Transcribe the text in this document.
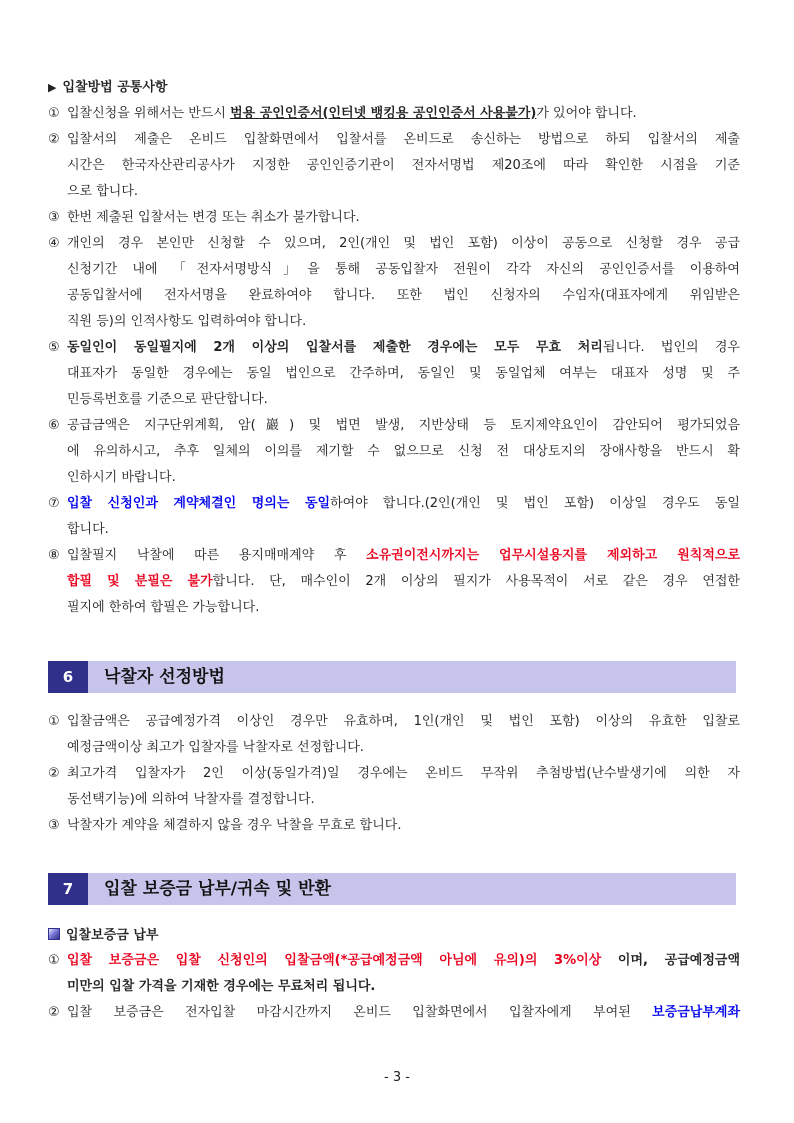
▶ 입찰방법 공통사항
① 입찰신청을 위해서는 반드시 범용 공인인증서(인터넷 뱅킹용 공인인증서 사용불가)가 있어야 합니다.
② 입찰서의 제출은 온비드 입찰화면에서 입찰서를 온비드로 송신하는 방법으로 하되 입찰서의 제출
시간은 한국자산관리공사가 지정한 공인인증기관이 전자서명법 제20조에 따라 확인한 시점을 기준
으로 합니다.
③ 한번 제출된 입찰서는 변경 또는 취소가 불가합니다.
④ 개인의 경우 본인만 신청할 수 있으며, 2인(개인 및 법인 포함) 이상이 공동으로 신청할 경우 공급
신청기간 내에 「전자서명방식」을 통해 공동입찰자 전원이 각각 자신의 공인인증서를 이용하여
공동입찰서에 전자서명을 완료하여야 합니다. 또한 법인 신청자의 수임자(대표자에게 위임받은
직원 등)의 인적사항도 입력하여야 합니다.
⑤ 동일인이 동일필지에 2개 이상의 입찰서를 제출한 경우에는 모두 무효 처리됩니다. 법인의 경우
대표자가 동일한 경우에는 동일 법인으로 간주하며, 동일인 및 동일업체 여부는 대표자 성명 및 주
민등록번호를 기준으로 판단합니다.
⑥ 공급금액은 지구단위계획, 암(巖) 및 법면 발생, 지반상태 등 토지제약요인이 감안되어 평가되었음
에 유의하시고, 추후 일체의 이의를 제기할 수 없으므로 신청 전 대상토지의 장애사항을 반드시 확
인하시기 바랍니다.
⑦ 입찰 신청인과 계약체결인 명의는 동일하여야 합니다.(2인(개인 및 법인 포함) 이상일 경우도 동일
합니다.
⑧ 입찰필지 낙찰에 따른 용지매매계약 후 소유권이전시까지는 업무시설용지를 제외하고 원칙적으로
합필 및 분필은 불가합니다. 단, 매수인이 2개 이상의 필지가 사용목적이 서로 같은 경우 연접한
필지에 한하여 합필은 가능합니다.
6	낙찰자 선정방법
① 입찰금액은 공급예정가격 이상인 경우만 유효하며, 1인(개인 및 법인 포함) 이상의 유효한 입찰로
예정금액이상 최고가 입찰자를 낙찰자로 선정합니다.
② 최고가격 입찰자가 2인 이상(동일가격)일 경우에는 온비드 무작위 추첨방법(난수발생기에 의한 자
동선택기능)에 의하여 낙찰자를 결정합니다.
③ 낙찰자가 계약을 체결하지 않을 경우 낙찰을 무효로 합니다.
7	입찰 보증금 납부/귀속 및 반환
입찰보증금 납부
① 입찰 보증금은 입찰 신청인의 입찰금액(*공급예정금액 아님에 유의)의 3%이상 이며, 공급예정금액
미만의 입찰 가격을 기재한 경우에는 무료처리 됩니다.
② 입찰 보증금은 전자입찰 마감시간까지 온비드 입찰화면에서 입찰자에게 부여된 보증금납부계좌
- 3 -
